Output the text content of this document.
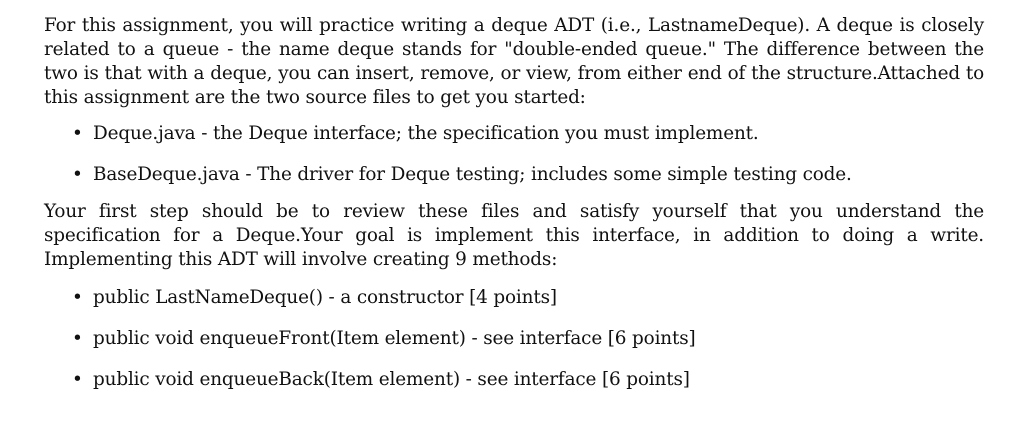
For this assignment, you will practice writing a deque ADT (i.e., LastnameDeque). A deque is closely related to a queue - the name deque stands for "double-ended queue." The difference between the two is that with a deque, you can insert, remove, or view, from either end of the structure.Attached to this assignment are the two source files to get you started:

• Deque.java - the Deque interface; the specification you must implement.
• BaseDeque.java - The driver for Deque testing; includes some simple testing code.

Your first step should be to review these files and satisfy yourself that you understand the specification for a Deque.Your goal is implement this interface, in addition to doing a write. Implementing this ADT will involve creating 9 methods:

• public LastNameDeque() - a constructor [4 points]
• public void enqueueFront(Item element) - see interface [6 points]
• public void enqueueBack(Item element) - see interface [6 points]
